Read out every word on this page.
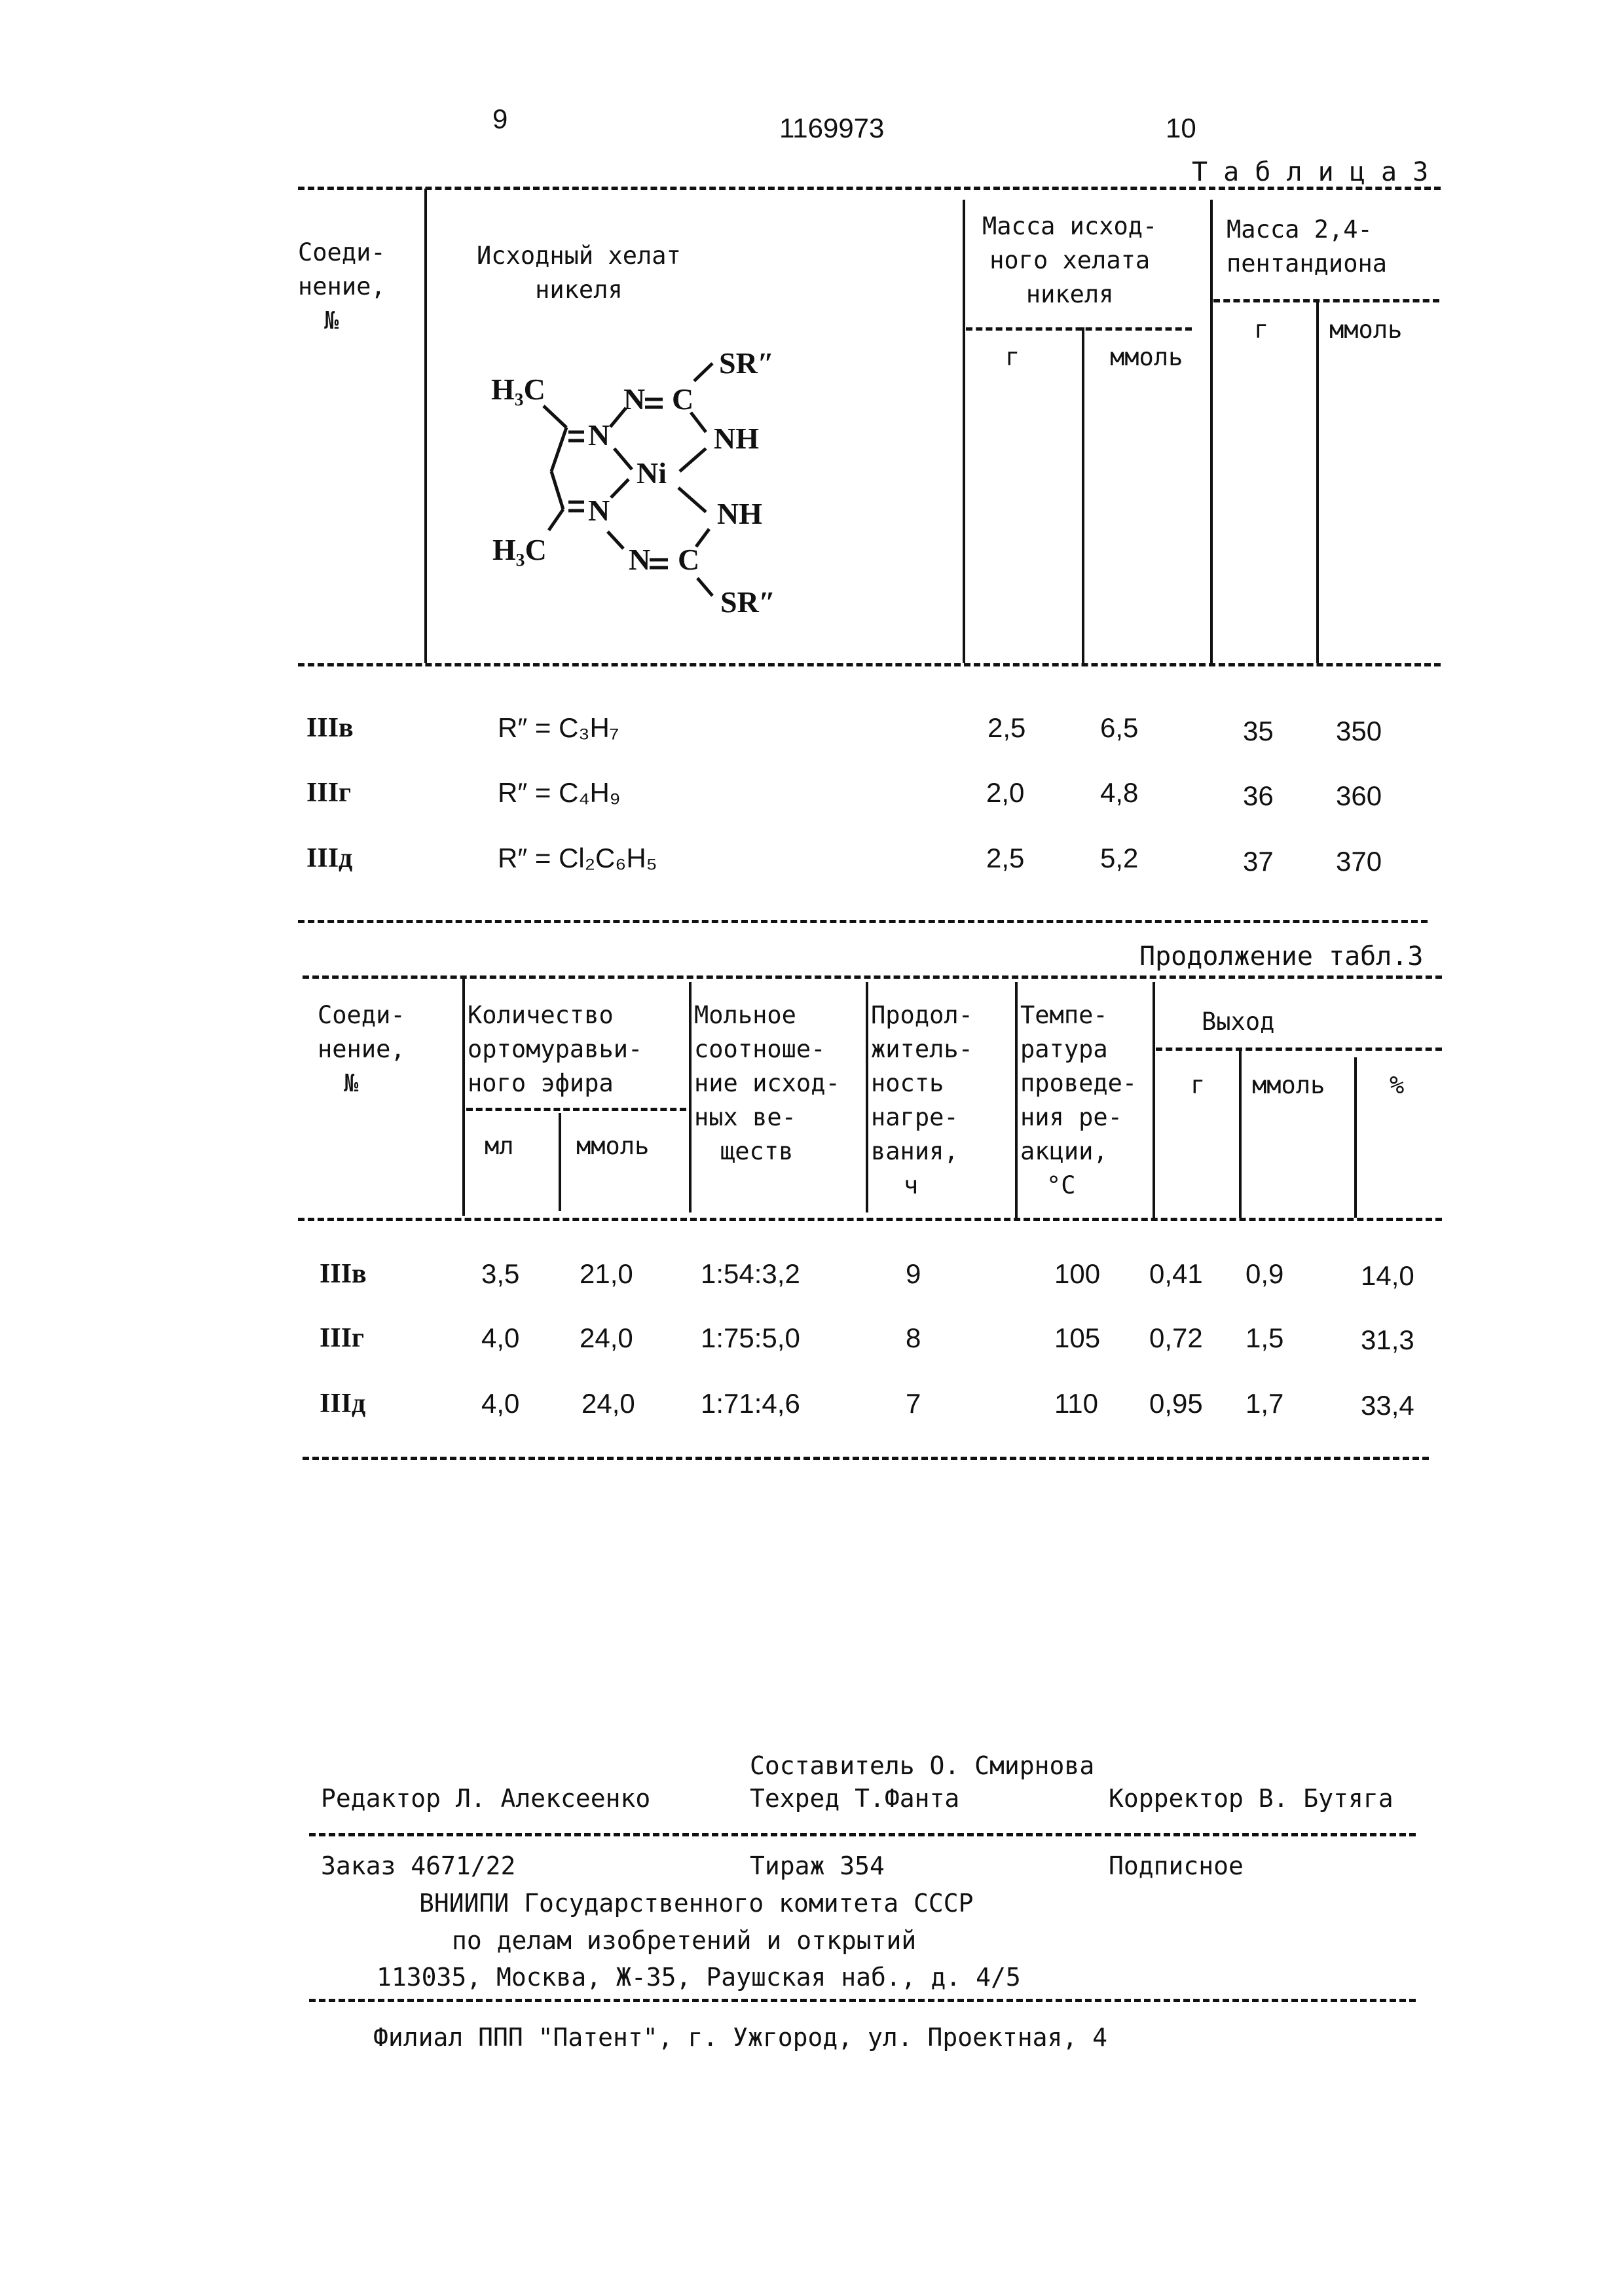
9	1169973	10
Т а б л и ц а 3
Соеди-
нение,
№
Исходный хелат
никеля
Масса исход-
ного хелата
никеля
г	ммоль
Масса 2,4-
пентандиона
г	ммоль
H₃C
H₃C
N
N
N
N
C
C
Ni
NH
NH
SR″
SR″
IIIв	R″ = C₃H₇	2,5	6,5	35 350
IIIг	R″ = C₄H₉	2,0	4,8	36 360
IIIд	R″ = Cl₂C₆H₅	2,5	5,2	37 370
Продолжение табл.3
Соеди-
нение,
№
Количество
ортомуравьи-
ного эфира
мл	ммоль
Мольное
соотноше-
ние исход-
ных ве-
ществ
Продол-
житель-
ность
нагре-
вания,
ч
Темпе-
ратура
проведе-
ния ре-
акции,
°C
Выход
г ммоль	%
IIIв	3,5 21,0 1:54:3,2	9	100 0,41 0,9	14,0
IIIг	4,0 24,0 1:75:5,0	8	105 0,72 1,5	31,3
IIIд	4,0 24,0 1:71:4,6	7	110 0,95 1,7	33,4
Составитель О. Смирнова
Редактор Л. Алексеенко	Техред Т.Фанта	Корректор В. Бутяга
Заказ 4671/22	Тираж 354	Подписное
ВНИИПИ Государственного комитета СССР
по делам изобретений и открытий
113035, Москва, Ж-35, Раушская наб., д. 4/5
Филиал ППП "Патент", г. Ужгород, ул. Проектная, 4
